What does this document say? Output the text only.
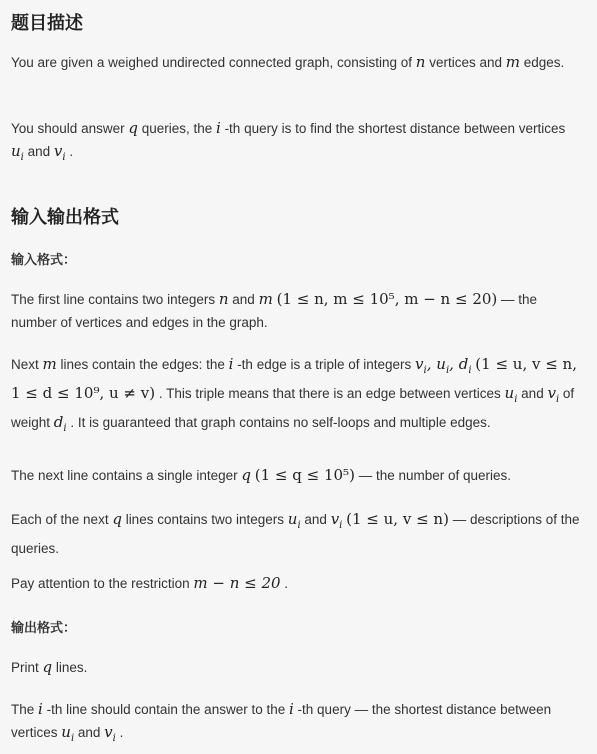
题目描述

You are given a weighed undirected connected graph, consisting of n vertices and m edges.

You should answer q queries, the i -th query is to find the shortest distance between vertices $u_i$ and $v_i$ .

输入输出格式
输入格式：

The first line contains two integers n and m (1 ≤ n, m ≤ 10⁵, m − n ≤ 20) — the number of vertices and edges in the graph.

Next m lines contain the edges: the i -th edge is a triple of integers $v_i$, $u_i$, $d_i$ (1 ≤ u, v ≤ n, 1 ≤ d ≤ 10⁹, u ≠ v) . This triple means that there is an edge between vertices $u_i$ and $v_i$ of weight $d_i$ . It is guaranteed that graph contains no self-loops and multiple edges.

The next line contains a single integer q (1 ≤ q ≤ 10⁵) — the number of queries.

Each of the next q lines contains two integers $u_i$ and $v_i$ (1 ≤ u, v ≤ n) — descriptions of the queries.

Pay attention to the restriction m − n ≤ 20 .

输出格式：

Print q lines.

The i -th line should contain the answer to the i -th query — the shortest distance between vertices $u_i$ and $v_i$ .
